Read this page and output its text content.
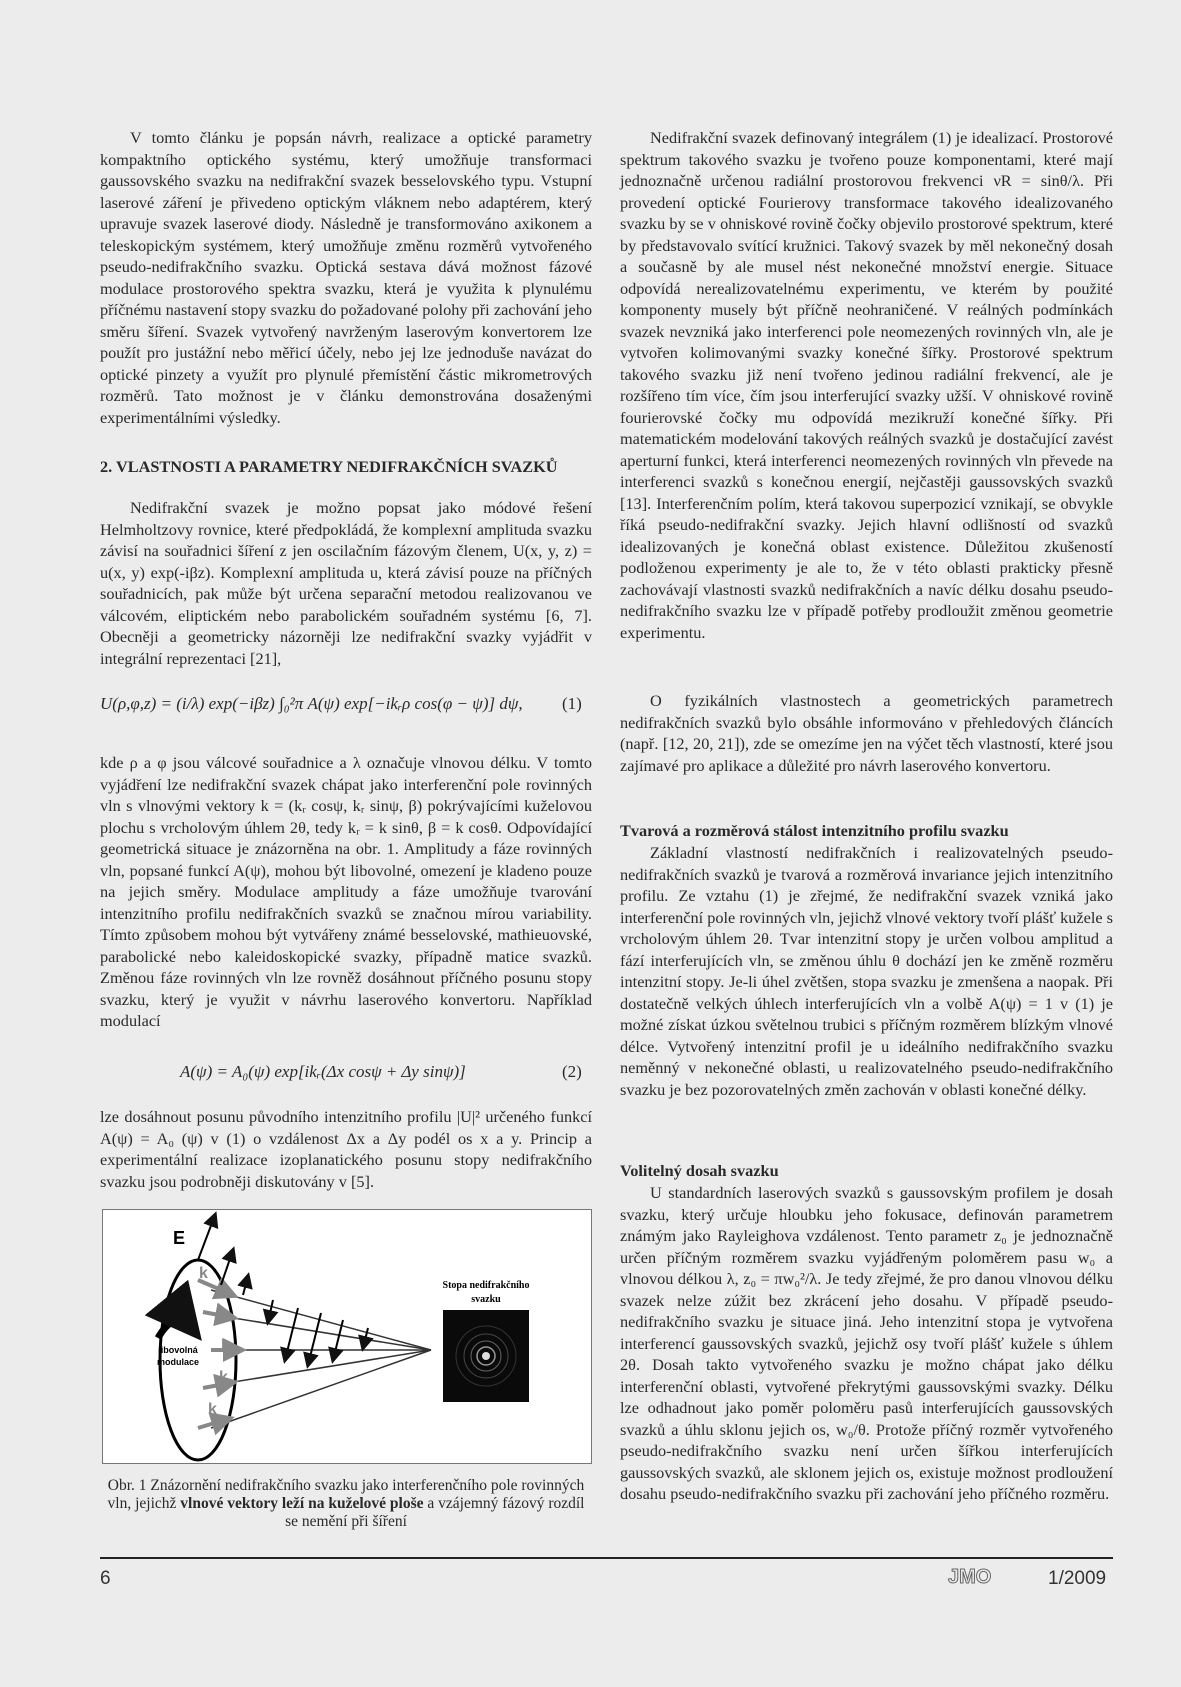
V tomto článku je popsán návrh, realizace a optické parametry kompaktního optického systému, který umožňuje transformaci gaussovského svazku na nedifrakční svazek besselovského typu. Vstupní laserové záření je přivedeno optickým vláknem nebo adaptérem, který upravuje svazek laserové diody. Následně je transformováno axikonem a teleskopickým systémem, který umožňuje změnu rozměrů vytvořeného pseudo-nedifrakčního svazku. Optická sestava dává možnost fázové modulace prostorového spektra svazku, která je využita k plynulému příčnému nastavení stopy svazku do požadované polohy při zachování jeho směru šíření. Svazek vytvořený navrženým laserovým konvertorem lze použít pro justážní nebo měřicí účely, nebo jej lze jednoduše navázat do optické pinzety a využít pro plynulé přemístění částic mikrometrových rozměrů. Tato možnost je v článku demonstrována dosaženými experimentálními výsledky.

2. VLASTNOSTI A PARAMETRY NEDIFRAKČNÍCH SVAZKŮ

Nedifrakční svazek je možno popsat jako módové řešení Helmholtzovy rovnice, které předpokládá, že komplexní amplituda svazku závisí na souřadnici šíření z jen oscilačním fázovým členem, U(x, y, z) = u(x, y) exp(-iβz). Komplexní amplituda u, která závisí pouze na příčných souřadnicích, pak může být určena separační metodou realizovanou ve válcovém, eliptickém nebo parabolickém souřadném systému [6, 7]. Obecněji a geometricky názorněji lze nedifrakční svazky vyjádřit v integrální reprezentaci [21],

U(ρ,φ,z) = (i/λ) exp(−iβz) ∫₀²π A(ψ) exp[−ikᵣρ cos(φ − ψ)] dψ, (1)

kde ρ a φ jsou válcové souřadnice a λ označuje vlnovou délku. V tomto vyjádření lze nedifrakční svazek chápat jako interferenční pole rovinných vln s vlnovými vektory k = (kᵣ cosψ, kᵣ sinψ, β) pokrývajícími kuželovou plochu s vrcholovým úhlem 2θ, tedy kᵣ = k sinθ, β = k cosθ. Odpovídající geometrická situace je znázorněna na obr. 1. Amplitudy a fáze rovinných vln, popsané funkcí A(ψ), mohou být libovolné, omezení je kladeno pouze na jejich směry. Modulace amplitudy a fáze umožňuje tvarování intenzitního profilu nedifrakčních svazků se značnou mírou variability. Tímto způsobem mohou být vytvářeny známé besselovské, mathieuovské, parabolické nebo kaleidoskopické svazky, případně matice svazků. Změnou fáze rovinných vln lze rovněž dosáhnout příčného posunu stopy svazku, který je využit v návrhu laserového konvertoru. Například modulací

A(ψ) = A₀(ψ) exp[ikᵣ(Δx cosψ + Δy sinψ)]	(2)

lze dosáhnout posunu původního intenzitního profilu |U|² určeného funkcí A(ψ) = A₀ (ψ) v (1) o vzdálenost Δx a Δy podél os x a y. Princip a experimentální realizace izoplanatického posunu stopy nedifrakčního svazku jsou podrobněji diskutovány v [5].

E
k
k
k
k
k
libovolná
modulace
Stopa nedifrakčního
svazku
Obr. 1 Znázornění nedifrakčního svazku jako interferenčního pole rovinných vln, jejichž vlnové vektory leží na kuželové ploše a vzájemný fázový rozdíl se nemění při šíření

Nedifrakční svazek definovaný integrálem (1) je idealizací. Prostorové spektrum takového svazku je tvořeno pouze komponentami, které mají jednoznačně určenou radiální prostorovou frekvenci νR = sinθ/λ. Při provedení optické Fourierovy transformace takového idealizovaného svazku by se v ohniskové rovině čočky objevilo prostorové spektrum, které by představovalo svítící kružnici. Takový svazek by měl nekonečný dosah a současně by ale musel nést nekonečné množství energie. Situace odpovídá nerealizovatelnému experimentu, ve kterém by použité komponenty musely být příčně neohraničené. V reálných podmínkách svazek nevzniká jako interferenci pole neomezených rovinných vln, ale je vytvořen kolimovanými svazky konečné šířky. Prostorové spektrum takového svazku již není tvořeno jedinou radiální frekvencí, ale je rozšířeno tím více, čím jsou interferující svazky užší. V ohniskové rovině fourierovské čočky mu odpovídá mezikruží konečné šířky. Při matematickém modelování takových reálných svazků je dostačující zavést aperturní funkci, která interferenci neomezených rovinných vln převede na interferenci svazků s konečnou energií, nejčastěji gaussovských svazků [13]. Interferenčním polím, která takovou superpozicí vznikají, se obvykle říká pseudo-nedifrakční svazky. Jejich hlavní odlišností od svazků idealizovaných je konečná oblast existence. Důležitou zkušeností podloženou experimenty je ale to, že v této oblasti prakticky přesně zachovávají vlastnosti svazků nedifrakčních a navíc délku dosahu pseudo-nedifrakčního svazku lze v případě potřeby prodloužit změnou geometrie experimentu.

O fyzikálních vlastnostech a geometrických parametrech nedifrakčních svazků bylo obsáhle informováno v přehledových článcích (např. [12, 20, 21]), zde se omezíme jen na výčet těch vlastností, které jsou zajímavé pro aplikace a důležité pro návrh laserového konvertoru.

Tvarová a rozměrová stálost intenzitního profilu svazku

Základní vlastností nedifrakčních i realizovatelných pseudo-nedifrakčních svazků je tvarová a rozměrová invariance jejich intenzitního profilu. Ze vztahu (1) je zřejmé, že nedifrakční svazek vzniká jako interferenční pole rovinných vln, jejichž vlnové vektory tvoří plášť kužele s vrcholovým úhlem 2θ. Tvar intenzitní stopy je určen volbou amplitud a fází interferujících vln, se změnou úhlu θ dochází jen ke změně rozměru intenzitní stopy. Je-li úhel zvětšen, stopa svazku je zmenšena a naopak. Při dostatečně velkých úhlech interferujících vln a volbě A(ψ) = 1 v (1) je možné získat úzkou světelnou trubici s příčným rozměrem blízkým vlnové délce. Vytvořený intenzitní profil je u ideálního nedifrakčního svazku neměnný v nekonečné oblasti, u realizovatelného pseudo-nedifrakčního svazku je bez pozorovatelných změn zachován v oblasti konečné délky.

Volitelný dosah svazku

U standardních laserových svazků s gaussovským profilem je dosah svazku, který určuje hloubku jeho fokusace, definován parametrem známým jako Rayleighova vzdálenost. Tento parametr z₀ je jednoznačně určen příčným rozměrem svazku vyjádřeným poloměrem pasu w₀ a vlnovou délkou λ, z₀ = πw₀²/λ. Je tedy zřejmé, že pro danou vlnovou délku svazek nelze zúžit bez zkrácení jeho dosahu. V případě pseudo-nedifrakčního svazku je situace jiná. Jeho intenzitní stopa je vytvořena interferencí gaussovských svazků, jejichž osy tvoří plášť kužele s úhlem 2θ. Dosah takto vytvořeného svazku je možno chápat jako délku interferenční oblasti, vytvořené překrytými gaussovskými svazky. Délku lze odhadnout jako poměr poloměru pasů interferujících gaussovských svazků a úhlu sklonu jejich os, w₀/θ. Protože příčný rozměr vytvořeného pseudo-nedifrakčního svazku není určen šířkou interferujících gaussovských svazků, ale sklonem jejich os, existuje možnost prodloužení dosahu pseudo-nedifrakčního svazku při zachování jeho příčného rozměru.

6	JMO	1/2009
